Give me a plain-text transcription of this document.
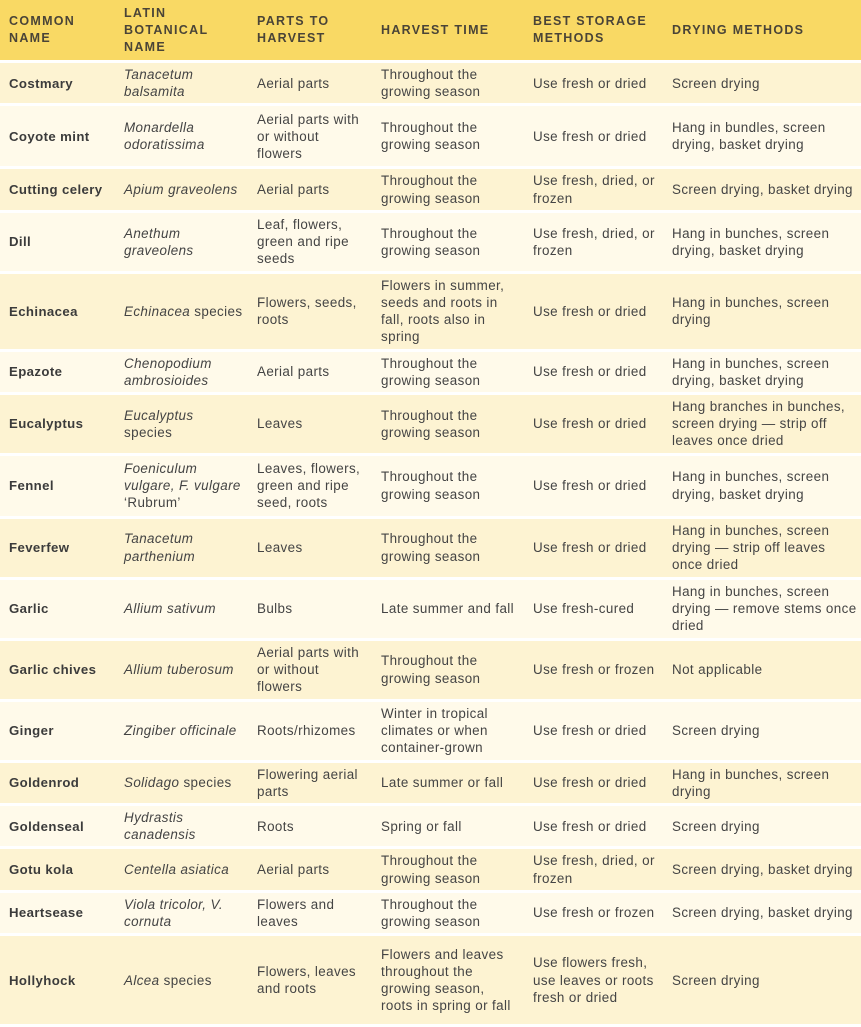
COMMON NAME	LATIN BOTANICAL NAME	PARTS TO HARVEST	HARVEST TIME	BEST STORAGE METHODS	DRYING METHODS
Costmary	Tanacetum balsamita	Aerial parts	Throughout the growing season	Use fresh or dried	Screen drying
Coyote mint	Monardella odoratissima	Aerial parts with or without flowers	Throughout the growing season	Use fresh or dried	Hang in bundles, screen drying, basket drying
Cutting celery	Apium graveolens	Aerial parts	Throughout the growing season	Use fresh, dried, or frozen	Screen drying, basket drying
Dill	Anethum graveolens	Leaf, flowers, green and ripe seeds	Throughout the growing season	Use fresh, dried, or frozen	Hang in bunches, screen drying, basket drying
Echinacea	Echinacea species	Flowers, seeds, roots	Flowers in summer, seeds and roots in fall, roots also in spring	Use fresh or dried	Hang in bunches, screen drying
Epazote	Chenopodium ambrosioides	Aerial parts	Throughout the growing season	Use fresh or dried	Hang in bunches, screen drying, basket drying
Eucalyptus	Eucalyptus species	Leaves	Throughout the growing season	Use fresh or dried	Hang branches in bunches, screen drying — strip off leaves once dried
Fennel	Foeniculum vulgare, F. vulgare ‘Rubrum’	Leaves, flowers, green and ripe seed, roots	Throughout the growing season	Use fresh or dried	Hang in bunches, screen drying, basket drying
Feverfew	Tanacetum parthenium	Leaves	Throughout the growing season	Use fresh or dried	Hang in bunches, screen drying — strip off leaves once dried
Garlic	Allium sativum	Bulbs	Late summer and fall	Use fresh-cured	Hang in bunches, screen drying — remove stems once dried
Garlic chives	Allium tuberosum	Aerial parts with or without flowers	Throughout the growing season	Use fresh or frozen	Not applicable
Ginger	Zingiber officinale	Roots/rhizomes	Winter in tropical climates or when container-grown	Use fresh or dried	Screen drying
Goldenrod	Solidago species	Flowering aerial parts	Late summer or fall	Use fresh or dried	Hang in bunches, screen drying
Goldenseal	Hydrastis canadensis	Roots	Spring or fall	Use fresh or dried	Screen drying
Gotu kola	Centella asiatica	Aerial parts	Throughout the growing season	Use fresh, dried, or frozen	Screen drying, basket drying
Heartsease	Viola tricolor, V. cornuta	Flowers and leaves	Throughout the growing season	Use fresh or frozen	Screen drying, basket drying
Hollyhock	Alcea species	Flowers, leaves and roots	Flowers and leaves throughout the growing season, roots in spring or fall	Use flowers fresh, use leaves or roots fresh or dried	Screen drying
